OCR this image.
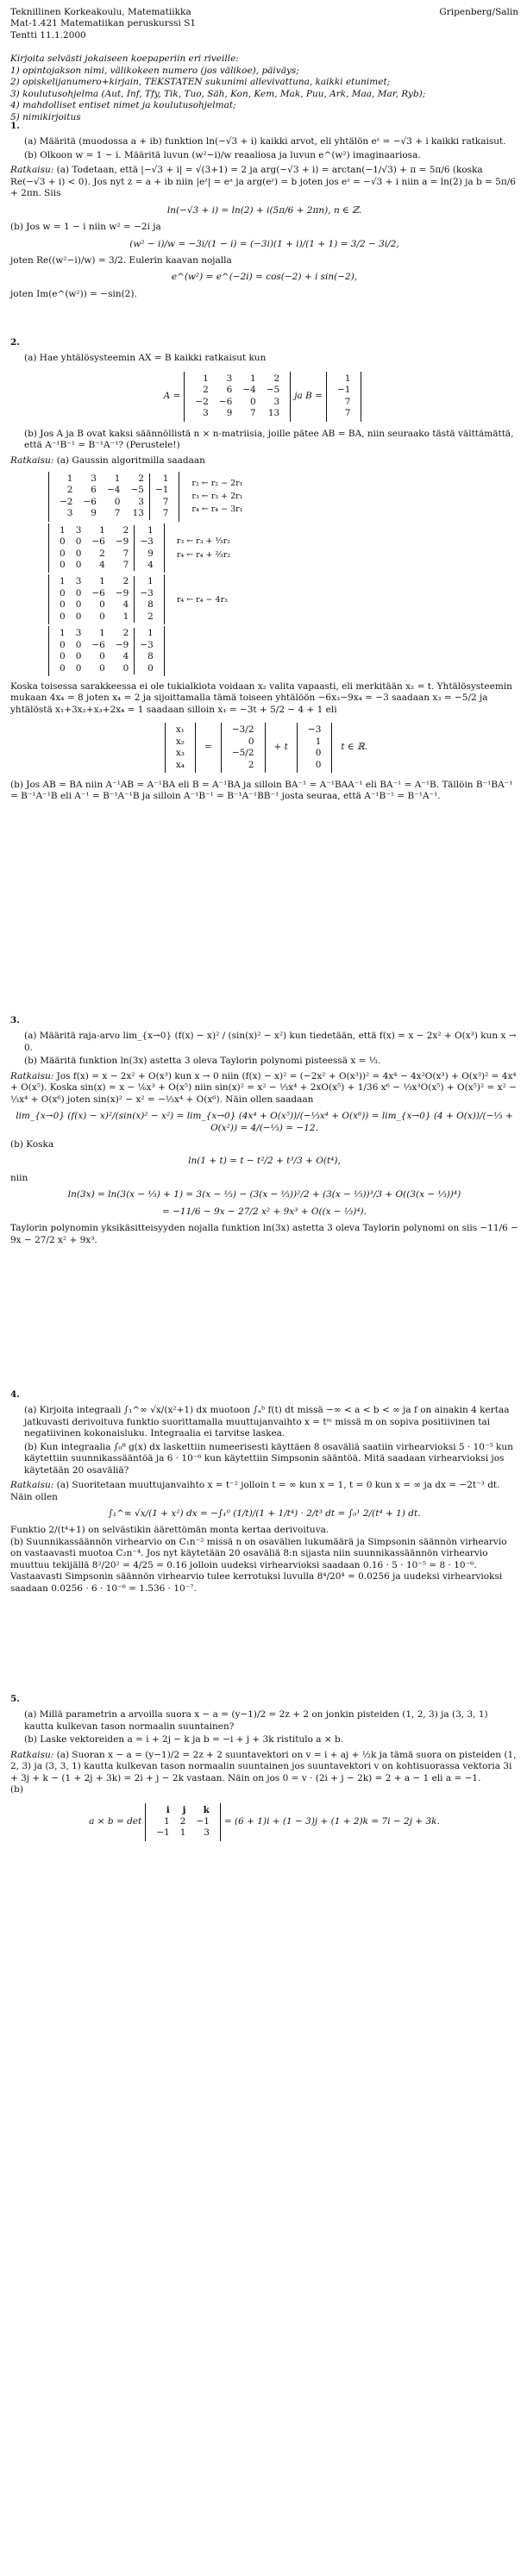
Teknillinen Korkeakoulu, Matematiikka	Gripenberg/Salin
Mat-1.421 Matematiikan peruskurssi S1
Tentti 11.1.2000
Kirjoita selvästi jokaiseen koepaperiin eri riveille:
1) opintojakson nimi, välikokeen numero (jos välikoe), päiväys;
2) opiskelijanumero+kirjain, TEKSTATEN sukunimi allevivattuna, kaikki etunimet;
3) koulutusohjelma (Aut, Inf, Tfy, Tik, Tuo, Säh, Kon, Kem, Mak, Puu, Ark, Maa, Mar, Ryb);
4) mahdolliset entiset nimet ja koulutusohjelmat;
5) nimikirjoitus
1.
(a) Määritä (muodossa a + ib) funktion ln(−√3 + i) kaikki arvot, eli yhtälön eᶻ = −√3 + i kaikki ratkaisut.
(b) Olkoon w = 1 − i. Määritä luvun (w²−i)/w reaaliosa ja luvun e^(w²) imaginaariosa.
Ratkaisu: (a) Todetaan, että |−√3 + i| = √(3+1) = 2 ja arg(−√3 + i) = arctan(−1/√3) + π = 5π/6 (koska Re(−√3 + i) < 0). Jos nyt z = a + ib niin |eᶻ| = eᵃ ja arg(eᶻ) = b joten jos eᶻ = −√3 + i niin a = ln(2) ja b = 5π/6 + 2πn. Siis
ln(−√3 + i) = ln(2) + i(5π/6 + 2πn), n ∈ ℤ.
(b) Jos w = 1 − i niin w² = −2i ja
(w² − i)/w = −3i/(1 − i) = (−3i)(1 + i)/(1 + 1) = 3/2 − 3i/2,
joten Re((w²−i)/w) = 3/2. Eulerin kaavan nojalla
e^(w²) = e^(−2i) = cos(−2) + i sin(−2),
joten Im(e^(w²)) = −sin(2).
2.
(a) Hae yhtälösysteemin AX = B kaikki ratkaisut kun
A =
1	3	1	2
2	6	−4	−5
−2	−6	0	3
3	9	7	13
ja B =
1
−1
7
7
(b) Jos A ja B ovat kaksi säännöllistä n × n-matriisia, joille pätee AB = BA, niin seuraako tästä välttämättä, että A⁻¹B⁻¹ = B⁻¹A⁻¹? (Perustele!)
Ratkaisu: (a) Gaussin algoritmilla saadaan
1	3	1	2	1
2	6	−4	−5	−1
−2	−6	0	3	7
3	9	7	13	7
r₂ ← r₂ − 2r₁
r₃ ← r₃ + 2r₁
r₄ ← r₄ − 3r₁
1	3	1	2	1
0	0	−6	−9	−3
0	0	2	7	9
0	0	4	7	4
r₃ ← r₃ + ⅓r₂
r₄ ← r₄ + ⅔r₂
1	3	1	2	1
0	0	−6	−9	−3
0	0	0	4	8
0	0	0	1	2
r₄ ← r₄ − 4r₃
1	3	1	2	1
0	0	−6	−9	−3
0	0	0	4	8
0	0	0	0	0
Koska toisessa sarakkeessa ei ole tukialkiota voidaan x₂ valita vapaasti, eli merkitään x₂ = t. Yhtälösysteemin mukaan 4x₄ = 8 joten x₄ = 2 ja sijoittamalla tämä toiseen yhtälöön −6x₃−9x₄ = −3 saadaan x₃ = −5/2 ja yhtälöstä x₁+3x₂+x₃+2x₄ = 1 saadaan silloin x₁ = −3t + 5/2 − 4 + 1 eli
x₁
x₂
x₃
x₄
=
−3/2
0
−5/2
2
+ t
−3
1
0
0
t ∈ ℝ.
(b) Jos AB = BA niin A⁻¹AB = A⁻¹BA eli B = A⁻¹BA ja silloin BA⁻¹ = A⁻¹BAA⁻¹ eli BA⁻¹ = A⁻¹B. Tällöin B⁻¹BA⁻¹ = B⁻¹A⁻¹B eli A⁻¹ = B⁻¹A⁻¹B ja silloin A⁻¹B⁻¹ = B⁻¹A⁻¹BB⁻¹ josta seuraa, että A⁻¹B⁻¹ = B⁻¹A⁻¹.
3.
(a) Määritä raja-arvo lim_{x→0} (f(x) − x)² / (sin(x)² − x²) kun tiedetään, että f(x) = x − 2x² + O(x³) kun x → 0.
(b) Määritä funktion ln(3x) astetta 3 oleva Taylorin polynomi pisteessä x = ⅓.
Ratkaisu: Jos f(x) = x − 2x² + O(x³) kun x → 0 niin (f(x) − x)² = (−2x² + O(x³))² = 4x⁴ − 4x²O(x³) + O(x³)² = 4x⁴ + O(x⁵). Koska sin(x) = x − ⅙x³ + O(x⁵) niin sin(x)² = x² − ⅓x⁴ + 2xO(x⁵) + 1/36 x⁶ − ⅓x³O(x⁵) + O(x⁵)² = x² − ⅓x⁴ + O(x⁶) joten sin(x)² − x² = −⅓x⁴ + O(x⁶). Näin ollen saadaan
lim_{x→0} (f(x) − x)²/(sin(x)² − x²) = lim_{x→0} (4x⁴ + O(x⁵))/(−⅓x⁴ + O(x⁶)) = lim_{x→0} (4 + O(x))/(−⅓ + O(x²)) = 4/(−⅓) = −12.
(b) Koska
ln(1 + t) = t − t²/2 + t³/3 + O(t⁴),
niin
ln(3x) = ln(3(x − ⅓) + 1) = 3(x − ⅓) − (3(x − ⅓))²/2 + (3(x − ⅓))³/3 + O((3(x − ⅓))⁴)
= −11/6 − 9x − 27/2 x² + 9x³ + O((x − ⅓)⁴).
Taylorin polynomin yksikäsitteisyyden nojalla funktion ln(3x) astetta 3 oleva Taylorin polynomi on siis −11/6 − 9x − 27/2 x² + 9x³.
4.
(a) Kirjoita integraali ∫₁^∞ √x/(x²+1) dx muotoon ∫ₐᵇ f(t) dt missä −∞ < a < b < ∞ ja f on ainakin 4 kertaa jatkuvasti derivoituva funktio suorittamalla muuttujanvaihto x = tᵐ missä m on sopiva positiivinen tai negatiivinen kokonaisluku. Integraalia ei tarvitse laskea.
(b) Kun integraalia ∫₀⁸ g(x) dx laskettiin numeerisesti käyttäen 8 osaväliä saatiin virhearvioksi 5 · 10⁻⁵ kun käytettiin suunnikassääntöä ja 6 · 10⁻⁶ kun käytettiin Simpsonin sääntöä. Mitä saadaan virhearvioksi jos käytetään 20 osaväliä?
Ratkaisu: (a) Suoritetaan muuttujanvaihto x = t⁻² jolloin t = ∞ kun x = 1, t = 0 kun x = ∞ ja dx = −2t⁻³ dt. Näin ollen
∫₁^∞ √x/(1 + x²) dx = −∫₁⁰ (1/t)/(1 + 1/t⁴) · 2/t³ dt = ∫₀¹ 2/(t⁴ + 1) dt.
Funktio 2/(t⁴+1) on selvästikin äärettömän monta kertaa derivoituva.
(b) Suunnikassäännön virhearvio on C₁n⁻² missä n on osavälien lukumäärä ja Simpsonin säännön virhearvio on vastaavasti muotoa C₂n⁻⁴. Jos nyt käytetään 20 osaväliä 8:n sijasta niin suunnikassäännön virhearvio muuttuu tekijällä 8²/20² = 4/25 = 0.16 jolloin uudeksi virhearvioksi saadaan 0.16 · 5 · 10⁻⁵ = 8 · 10⁻⁶. Vastaavasti Simpsonin säännön virhearvio tulee kerrotuksi luvulla 8⁴/20⁴ = 0.0256 ja uudeksi virhearvioksi saadaan 0.0256 · 6 · 10⁻⁶ = 1.536 · 10⁻⁷.
5.
(a) Millä parametrin a arvoilla suora x − a = (y−1)/2 = 2z + 2 on jonkin pisteiden (1, 2, 3) ja (3, 3, 1) kautta kulkevan tason normaalin suuntainen?
(b) Laske vektoreiden a = i + 2j − k ja b = −i + j + 3k ristitulo a × b.
Ratkaisu: (a) Suoran x − a = (y−1)/2 = 2z + 2 suuntavektori on v = i + aj + ½k ja tämä suora on pisteiden (1, 2, 3) ja (3, 3, 1) kautta kulkevan tason normaalin suuntainen jos suuntavektori v on kohtisuorassa vektoria 3i + 3j + k − (1 + 2j + 3k) = 2i + j − 2k vastaan. Näin on jos 0 = v · (2i + j − 2k) = 2 + a − 1 eli a = −1.
(b)
a × b = det
i	j	k
1	2	−1
−1	1	3
= (6 + 1)i + (1 − 3)j + (1 + 2)k = 7i − 2j + 3k.
